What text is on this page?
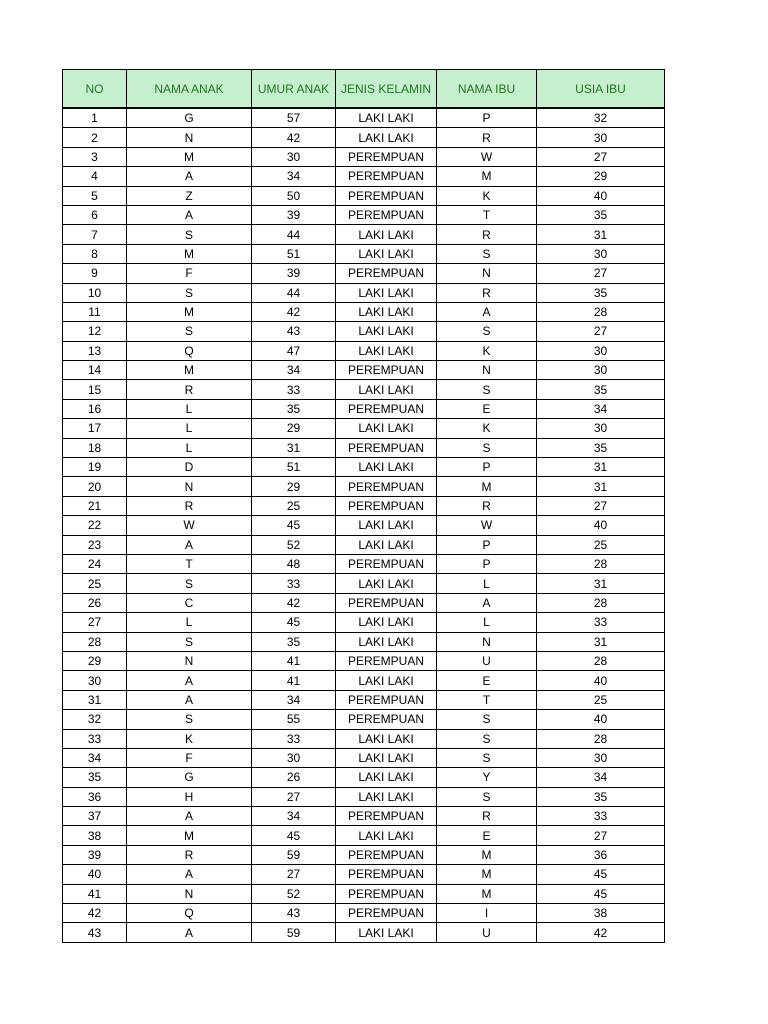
NO	NAMA ANAK	UMUR ANAK	JENIS KELAMIN	NAMA IBU	USIA IBU
1	G	57	LAKI LAKI	P	32
2	N	42	LAKI LAKI	R	30
3	M	30	PEREMPUAN	W	27
4	A	34	PEREMPUAN	M	29
5	Z	50	PEREMPUAN	K	40
6	A	39	PEREMPUAN	T	35
7	S	44	LAKI LAKI	R	31
8	M	51	LAKI LAKI	S	30
9	F	39	PEREMPUAN	N	27
10	S	44	LAKI LAKI	R	35
11	M	42	LAKI LAKI	A	28
12	S	43	LAKI LAKI	S	27
13	Q	47	LAKI LAKI	K	30
14	M	34	PEREMPUAN	N	30
15	R	33	LAKI LAKI	S	35
16	L	35	PEREMPUAN	E	34
17	L	29	LAKI LAKI	K	30
18	L	31	PEREMPUAN	S	35
19	D	51	LAKI LAKI	P	31
20	N	29	PEREMPUAN	M	31
21	R	25	PEREMPUAN	R	27
22	W	45	LAKI LAKI	W	40
23	A	52	LAKI LAKI	P	25
24	T	48	PEREMPUAN	P	28
25	S	33	LAKI LAKI	L	31
26	C	42	PEREMPUAN	A	28
27	L	45	LAKI LAKI	L	33
28	S	35	LAKI LAKI	N	31
29	N	41	PEREMPUAN	U	28
30	A	41	LAKI LAKI	E	40
31	A	34	PEREMPUAN	T	25
32	S	55	PEREMPUAN	S	40
33	K	33	LAKI LAKI	S	28
34	F	30	LAKI LAKI	S	30
35	G	26	LAKI LAKI	Y	34
36	H	27	LAKI LAKI	S	35
37	A	34	PEREMPUAN	R	33
38	M	45	LAKI LAKI	E	27
39	R	59	PEREMPUAN	M	36
40	A	27	PEREMPUAN	M	45
41	N	52	PEREMPUAN	M	45
42	Q	43	PEREMPUAN	I	38
43	A	59	LAKI LAKI	U	42
